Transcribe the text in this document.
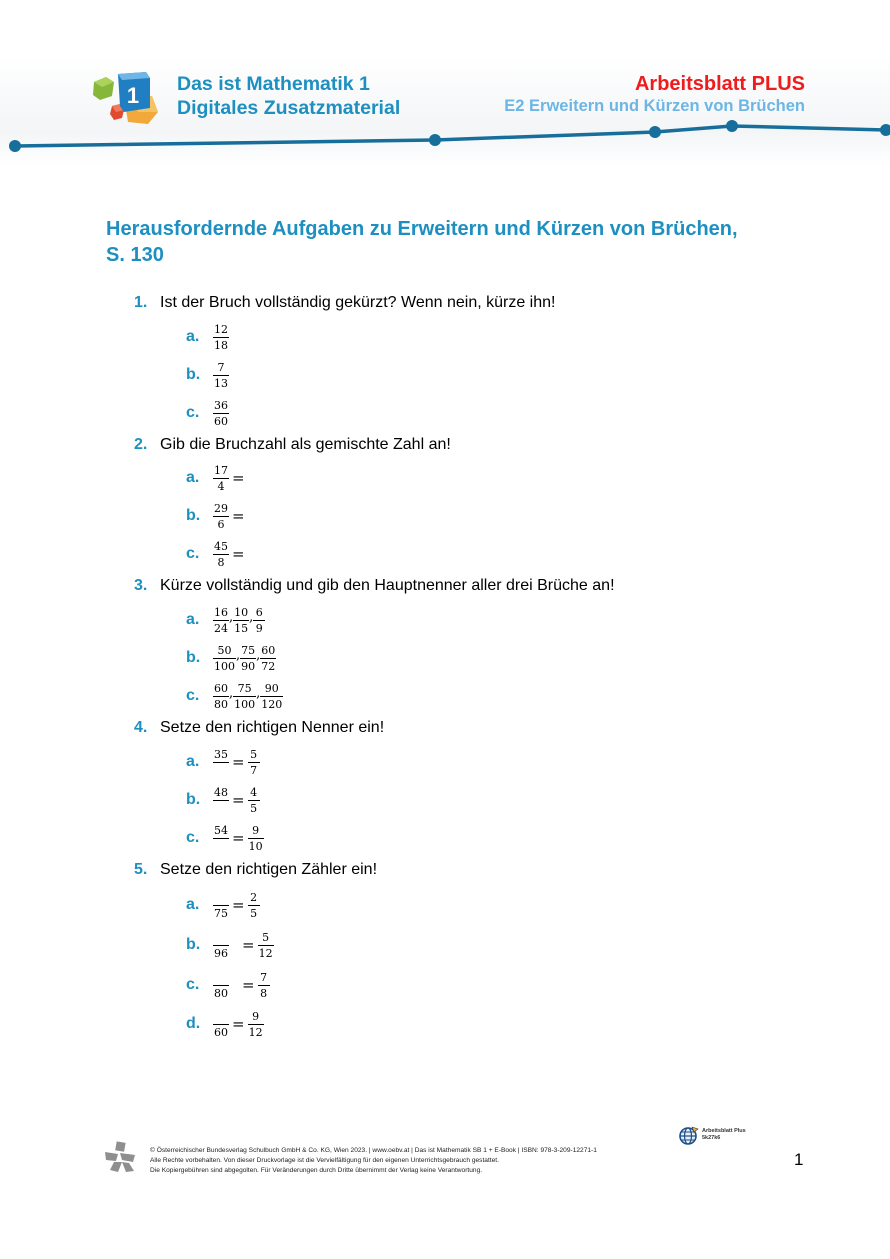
1 Das ist Mathematik 1
Digitales Zusatzmaterial
Arbeitsblatt PLUS
E2 Erweitern und Kürzen von Brüchen
Herausfordernde Aufgaben zu Erweitern und Kürzen von Brüchen,
S. 130
1. Ist der Bruch vollständig gekürzt? Wenn nein, kürze ihn!
a.	$\frac{12}{18}$
b.	$\frac{7}{13}$
c.	$\frac{36}{60}$
2. Gib die Bruchzahl als gemischte Zahl an!
a.	$\frac{17}{4}$ =
b.	$\frac{29}{6}$ =
c.	$\frac{45}{8}$ =
3. Kürze vollständig und gib den Hauptnenner aller drei Brüche an!
a.	$\frac{16}{24}$ , $\frac{10}{15}$ , $\frac{6}{9}$
b.	$\frac{50}{100}$ , $\frac{75}{90}$ , $\frac{60}{72}$
c.	$\frac{60}{80}$ , $\frac{75}{100}$ , $\frac{90}{120}$
4. Setze den richtigen Nenner ein!
a.	$35 = \frac{5}{7}$
b.	$48 = \frac{4}{5}$
c.	$54 = \frac{9}{10}$
5. Setze den richtigen Zähler ein!
a.	$75 = \frac{2}{5}$
b.	$96 = \frac{5}{12}$
c.	$80 = \frac{7}{8}$
d.	$60 = \frac{9}{12}$
© Österreichischer Bundesverlag Schulbuch GmbH & Co. KG, Wien 2023. | www.oebv.at | Das ist Mathematik SB 1 + E-Book | ISBN: 978-3-209-12271-1
Alle Rechte vorbehalten. Von dieser Druckvorlage ist die Vervielfältigung für den eigenen Unterrichtsgebrauch gestattet.
Die Kopiergebühren sind abgegolten. Für Veränderungen durch Dritte übernimmt der Verlag keine Verantwortung.
Arbeitsblatt Plus
5k27k6
1
